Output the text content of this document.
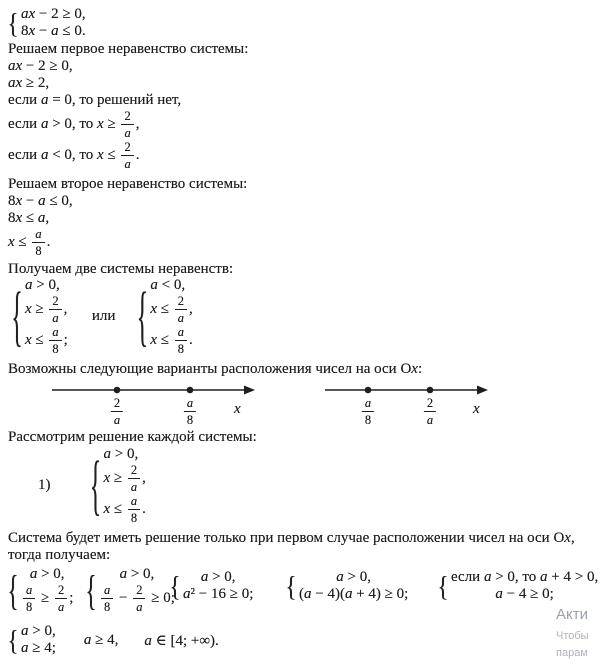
{ ax − 2 ≥ 0,
8x − a ≤ 0.
Решаем первое неравенство системы:
ax − 2 ≥ 0,
ax ≥ 2,
если a = 0, то решений нет,
если a > 0, то $x \ge \frac{2}{a}$ ,
если a < 0, то $x \le \frac{2}{a}$ .
Решаем второе неравенство системы:
8x − a ≤ 0,
8x ≤ a,
$x \le \frac{a}{8}$ .
Получаем две системы неравенств:
{ a > 0,
$x \ge \frac{2}{a}$ ,
$x \le \frac{a}{8}$ ;
или { a < 0,
$x \le \frac{2}{a}$ ,
$x \le \frac{a}{8}$ .
Возможны следующие варианты расположения чисел на оси Ox:
$\frac{2}{a}$	$\frac{a}{8}$	x	$\frac{a}{8}$	$\frac{2}{a}$ x
Рассмотрим решение каждой системы:
1) { a > 0,
$x \ge \frac{2}{a}$ ,
$x \le \frac{a}{8}$ .
Система будет иметь решение только при первом случае расположении чисел на оси Ox,
тогда получаем:
{ a > 0,
$\frac{a}{8} \ge \frac{2}{a}$ ; { a > 0,
$\frac{a}{8} - \frac{2}{a} \ge 0$;
{ a > 0,
a² − 16 ≥ 0; {	a > 0,
(a − 4)(a + 4) ≥ 0; { если a > 0, то a + 4 > 0,
a − 4 ≥ 0;
{ a > 0,
a ≥ 4;
a ≥ 4, a ∈ [4; +∞).
Акти
Чтобы
парам
